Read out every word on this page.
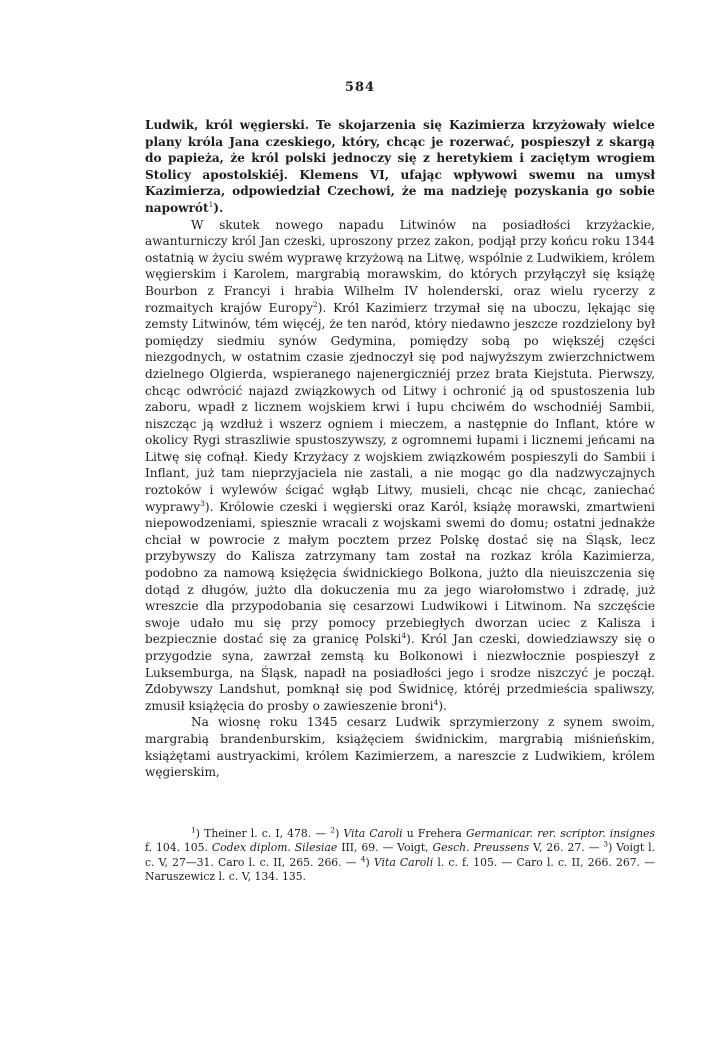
584

Ludwik, król węgierski. Te skojarzenia się Kazimierza krzyżowały wielce plany króla Jana czeskiego, który, chcąc je rozerwać, pospieszył z skargą do papieża, że król polski jednoczy się z heretykiem i zaciętym wrogiem Stolicy apostolskiéj. Klemens VI, ufając wpływowi swemu na umysł Kazimierza, odpowiedział Czechowi, że ma nadzieję pozyskania go sobie napowrót$^1$).

W skutek nowego napadu Litwinów na posiadłości krzyżackie, awanturniczy król Jan czeski, uproszony przez zakon, podjął przy końcu roku 1344 ostatnią w życiu swém wyprawę krzyżową na Litwę, wspólnie z Ludwikiem, królem węgierskim i Karolem, margrabią morawskim, do których przyłączył się książę Bourbon z Francyi i hrabia Wilhelm IV holenderski, oraz wielu rycerzy z rozmaitych krajów Europy$^2$). Król Kazimierz trzymał się na uboczu, lękając się zemsty Litwinów, tém więcéj, że ten naród, który niedawno jeszcze rozdzielony był pomiędzy siedmiu synów Gedymina, pomiędzy sobą po większéj części niezgodnych, w ostatnim czasie zjednoczył się pod najwyższym zwierzchnictwem dzielnego Olgierda, wspieranego najenergiczniéj przez brata Kiejstuta. Pierwszy, chcąc odwrócić najazd związkowych od Litwy i ochronić ją od spustoszenia lub zaboru, wpadł z licznem wojskiem krwi i łupu chciwém do wschodniéj Sambii, niszcząc ją wzdłuż i wszerz ogniem i mieczem, a następnie do Inflant, które w okolicy Rygi straszliwie spustoszywszy, z ogromnemi łupami i licznemi jeńcami na Litwę się cofnął. Kiedy Krzyżacy z wojskiem związkowém pospieszyli do Sambii i Inflant, już tam nieprzyjaciela nie zastali, a nie mogąc go dla nadzwyczajnych roztoków i wylewów ścigać wgłąb Litwy, musieli, chcąc nie chcąc, zaniechać wyprawy$^3$). Królowie czeski i węgierski oraz Karól, książę morawski, zmartwieni niepowodzeniami, spiesznie wracali z wojskami swemi do domu; ostatni jednakże chciał w powrocie z małym pocztem przez Polskę dostać się na Śląsk, lecz przybywszy do Kalisza zatrzymany tam został na rozkaz króla Kazimierza, podobno za namową księżęcia świdnickiego Bolkona, jużto dla nieuiszczenia się dotąd z długów, jużto dla dokuczenia mu za jego wiarołomstwo i zdradę, już wreszcie dla przypodobania się cesarzowi Ludwikowi i Litwinom. Na szczęście swoje udało mu się przy pomocy przebiegłych dworzan uciec z Kalisza i bezpiecznie dostać się za granicę Polski$^4$). Król Jan czeski, dowiedziawszy się o przygodzie syna, zawrzał zemstą ku Bolkonowi i niezwłocznie pospieszył z Luksemburga, na Śląsk, napadł na posiadłości jego i srodze niszczyć je począł. Zdobywszy Landshut, pomknął się pod Świdnicę, któréj przedmieścia spaliwszy, zmusił książęcia do prosby o zawieszenie broni$^4$).

Na wiosnę roku 1345 cesarz Ludwik sprzymierzony z synem swoim, margrabią brandenburskim, książęciem świdnickim, margrabią miśnieńskim, książętami austryackimi, królem Kazimierzem, a nareszcie z Ludwikiem, królem węgierskim,

$^1$) Theiner l. c. I, 478. — $^2$) Vita Caroli u Frehera Germanicar. rer. scriptor. insignes f. 104. 105. Codex diplom. Silesiae III, 69. — Voigt, Gesch. Preussens V, 26. 27. — $^3$) Voigt l. c. V, 27—31. Caro l. c. II, 265. 266. — $^4$) Vita Caroli l. c. f. 105. — Caro l. c. II, 266. 267. — Naruszewicz l. c. V, 134. 135.
